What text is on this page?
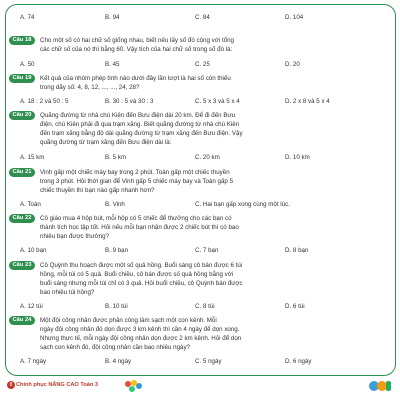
A. 74	B. 94	C. 84	D. 104
Câu 18	Cho một số có hai chữ số giống nhau, biết nếu lấy số đó cộng với tổng
các chữ số của nó thì bằng 60. Vậy tích của hai chữ số trong số đó là:
A. 50	B. 45	C. 25	D. 20
Câu 19	Kết quả của nhóm phép tính nào dưới đây lần lượt là hai số còn thiếu
trong dãy số: 4, 8, 12, ..., ..., 24, 28?
A. 18 : 2 và 50 : 5	B. 30 : 5 và 30 : 3	C. 5 x 3 và 5 x 4	D. 2 x 8 và 5 x 4
Câu 20	Quãng đường từ nhà chú Kiên đến Bưu điện dài 20 km. Để đi đến Bưu
điện, chú Kiên phải đi qua trạm xăng. Biết quãng đường từ nhà chú Kiên
đến trạm xăng bằng độ dài quãng đường từ trạm xăng đến Bưu điện. Vậy
quãng đường từ trạm xăng đến Bưu điện dài là:
A. 15 km	B. 5 km	C. 20 km	D. 10 km
Câu 21	Vinh gấp một chiếc máy bay trong 2 phút. Toàn gấp một chiếc thuyền
trong 3 phút. Hỏi thời gian để Vinh gấp 5 chiếc máy bay và Toàn gấp 5
chiếc thuyền thì bạn nào gấp nhanh hơn?
A. Toàn	B. Vinh	C. Hai bạn gấp xong cùng một lúc.
Câu 22	Cô giáo mua 4 hộp bút, mỗi hộp có 5 chiếc để thưởng cho các bạn có
thành tích học tập tốt. Hỏi nếu mỗi bạn nhận được 2 chiếc bút thì có bao
nhiêu bạn được thưởng?
A. 10 bạn	B. 9 bạn	C. 7 bạn	D. 8 bạn
Câu 23	Cô Quỳnh thu hoạch được một số quả hồng. Buổi sáng cô bán được 6 túi
hồng, mỗi túi có 5 quả. Buổi chiều, cô bán được số quả hồng bằng với
buổi sáng nhưng mỗi túi chỉ có 3 quả. Hỏi buổi chiều, cô Quỳnh bán được
bao nhiêu túi hồng?
A. 12 túi	B. 10 túi	C. 8 túi	D. 6 túi
Câu 24	Một đội công nhân được phân công làm sạch một con kênh. Mỗi
ngày đội công nhân đó dọn được 3 km kênh thì cần 4 ngày để dọn xong.
Nhưng thực tế, mỗi ngày đội công nhân dọn được 2 km kênh. Hỏi để dọn
sạch con kênh đó, đội công nhân cần bao nhiêu ngày?
A. 7 ngày	B. 4 ngày	C. 5 ngày	D. 6 ngày
8 Chinh phục NÂNG CAO Toán 3
